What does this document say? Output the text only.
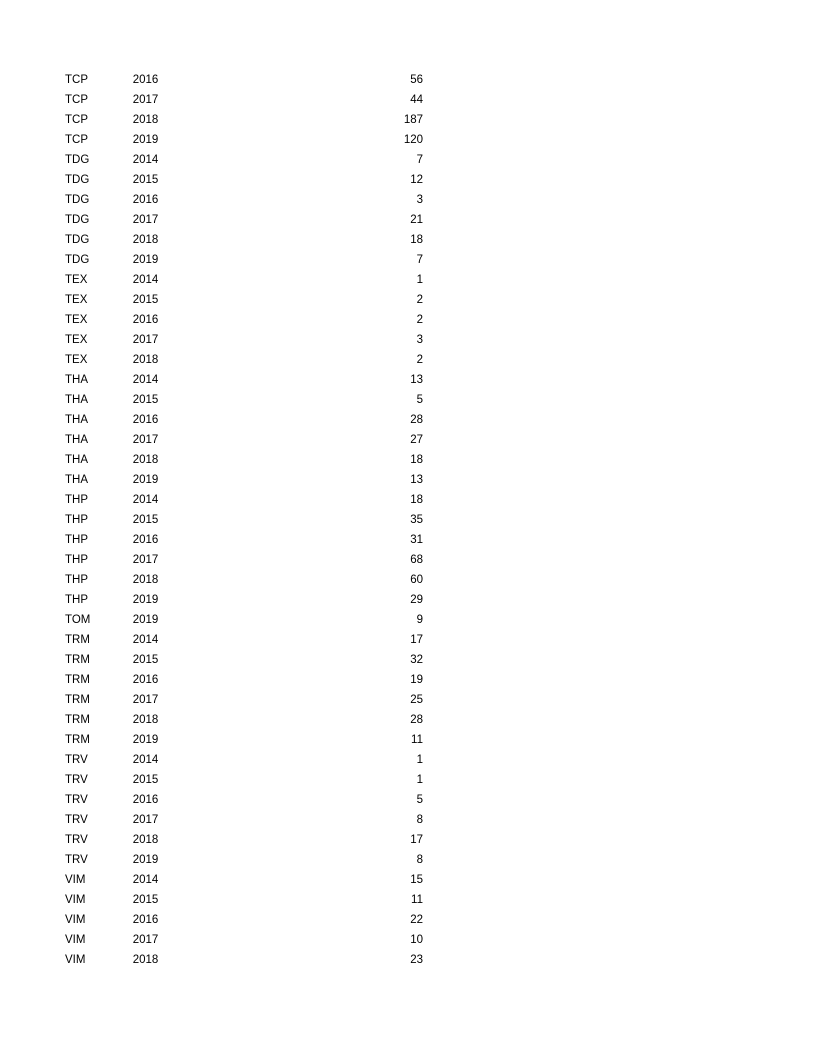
TCP	2016	56
TCP	2017	44
TCP	2018	187
TCP	2019	120
TDG	2014	7
TDG	2015	12
TDG	2016	3
TDG	2017	21
TDG	2018	18
TDG	2019	7
TEX	2014	1
TEX	2015	2
TEX	2016	2
TEX	2017	3
TEX	2018	2
THA	2014	13
THA	2015	5
THA	2016	28
THA	2017	27
THA	2018	18
THA	2019	13
THP	2014	18
THP	2015	35
THP	2016	31
THP	2017	68
THP	2018	60
THP	2019	29
TOM	2019	9
TRM	2014	17
TRM	2015	32
TRM	2016	19
TRM	2017	25
TRM	2018	28
TRM	2019	11
TRV	2014	1
TRV	2015	1
TRV	2016	5
TRV	2017	8
TRV	2018	17
TRV	2019	8
VIM	2014	15
VIM	2015	11
VIM	2016	22
VIM	2017	10
VIM	2018	23
